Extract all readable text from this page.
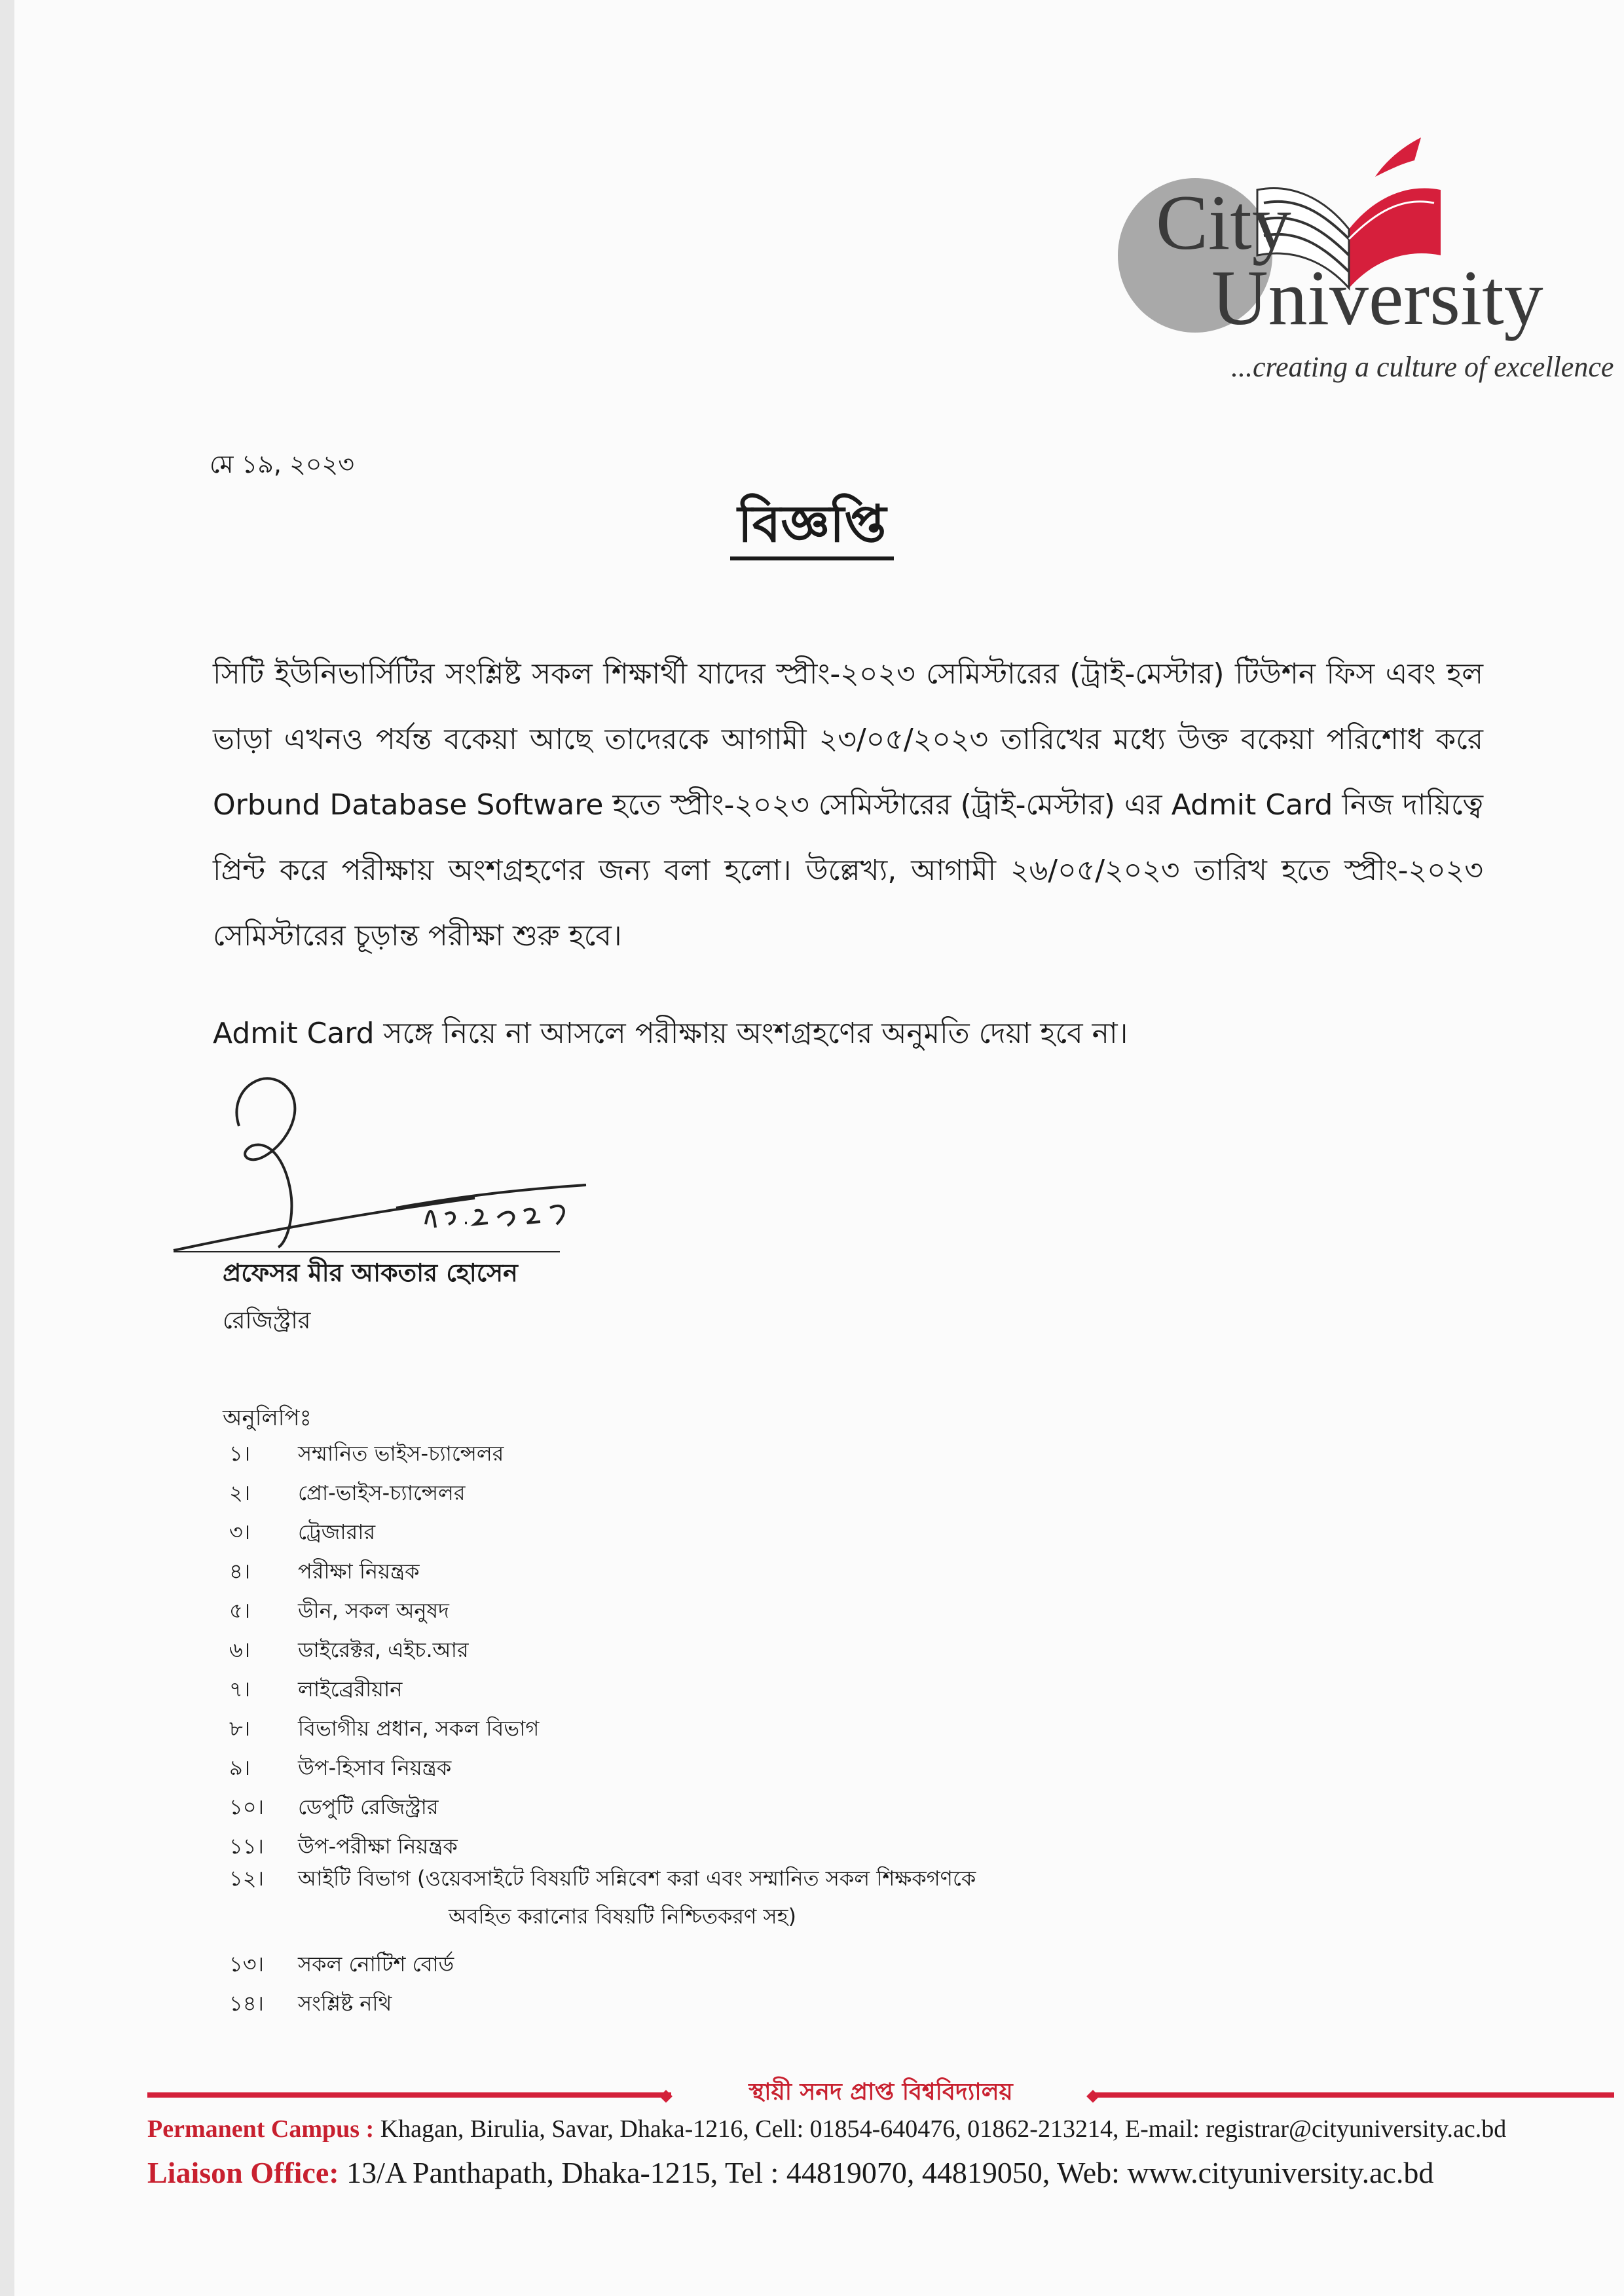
City
University
...creating a culture of excellence
মে ১৯, ২০২৩
বিজ্ঞপ্তি
সিটি ইউনিভার্সিটির সংশ্লিষ্ট সকল শিক্ষার্থী যাদের স্প্রীং-২০২৩ সেমিস্টারের (ট্রাই-মেস্টার) টিউশন ফিস এবং হল ভাড়া এখনও পর্যন্ত বকেয়া আছে তাদেরকে আগামী ২৩/০৫/২০২৩ তারিখের মধ্যে উক্ত বকেয়া পরিশোধ করে Orbund Database Software হতে স্প্রীং-২০২৩ সেমিস্টারের (ট্রাই-মেস্টার) এর Admit Card নিজ দায়িত্বে প্রিন্ট করে পরীক্ষায় অংশগ্রহণের জন্য বলা হলো। উল্লেখ্য, আগামী ২৬/০৫/২০২৩ তারিখ হতে স্প্রীং-২০২৩ সেমিস্টারের চূড়ান্ত পরীক্ষা শুরু হবে।
Admit Card সঙ্গে নিয়ে না আসলে পরীক্ষায় অংশগ্রহণের অনুমতি দেয়া হবে না।
প্রফেসর মীর আকতার হোসেন
রেজিস্ট্রার
অনুলিপিঃ
১। সম্মানিত ভাইস-চ্যান্সেলর
২। প্রো-ভাইস-চ্যান্সেলর
৩। ট্রেজারার
৪। পরীক্ষা নিয়ন্ত্রক
৫। ডীন, সকল অনুষদ
৬। ডাইরেক্টর, এইচ.আর
৭। লাইব্রেরীয়ান
৮। বিভাগীয় প্রধান, সকল বিভাগ
৯। উপ-হিসাব নিয়ন্ত্রক
১০। ডেপুটি রেজিস্ট্রার
১১। উপ-পরীক্ষা নিয়ন্ত্রক
১২। আইটি বিভাগ (ওয়েবসাইটে বিষয়টি সন্নিবেশ করা এবং সম্মানিত সকল শিক্ষকগণকে
অবহিত করানোর বিষয়টি নিশ্চিতকরণ সহ)
১৩। সকল নোটিশ বোর্ড
১৪। সংশ্লিষ্ট নথি
স্থায়ী সনদ প্রাপ্ত বিশ্ববিদ্যালয়
Permanent Campus : Khagan, Birulia, Savar, Dhaka-1216, Cell: 01854-640476, 01862-213214, E-mail: registrar@cityuniversity.ac.bd
Liaison Office: 13/A Panthapath, Dhaka-1215, Tel : 44819070, 44819050, Web: www.cityuniversity.ac.bd
